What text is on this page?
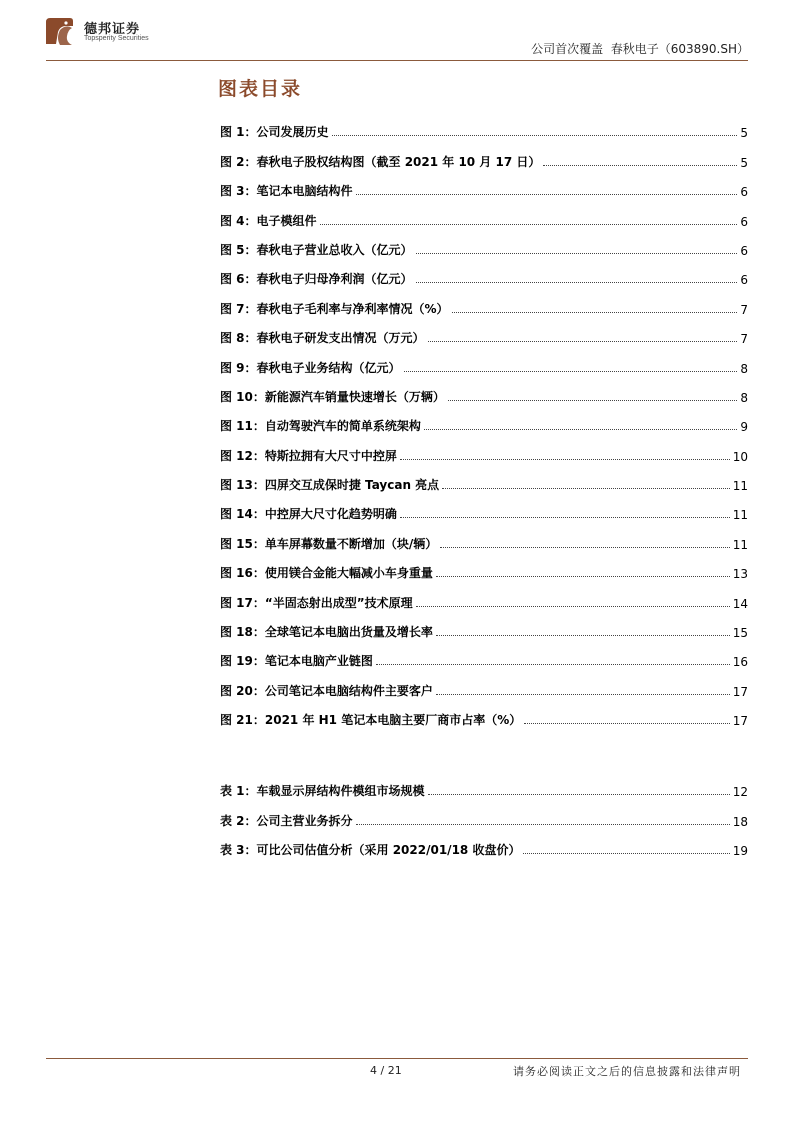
德邦证券
Topsperity Securities
公司首次覆盖  春秋电子（603890.SH）
图表目录
图 1：公司发展历史	5
图 2：春秋电子股权结构图（截至 2021 年 10 月 17 日）	5
图 3：笔记本电脑结构件	6
图 4：电子模组件	6
图 5：春秋电子营业总收入（亿元）	6
图 6：春秋电子归母净利润（亿元）	6
图 7：春秋电子毛利率与净利率情况（%）	7
图 8：春秋电子研发支出情况（万元）	7
图 9：春秋电子业务结构（亿元）	8
图 10：新能源汽车销量快速增长（万辆）	8
图 11：自动驾驶汽车的简单系统架构	9
图 12：特斯拉拥有大尺寸中控屏	10
图 13：四屏交互成保时捷 Taycan 亮点	11
图 14：中控屏大尺寸化趋势明确	11
图 15：单车屏幕数量不断增加（块/辆）	11
图 16：使用镁合金能大幅减小车身重量	13
图 17：“半固态射出成型”技术原理	14
图 18：全球笔记本电脑出货量及增长率	15
图 19：笔记本电脑产业链图	16
图 20：公司笔记本电脑结构件主要客户	17
图 21：2021 年 H1 笔记本电脑主要厂商市占率（%）	17
表 1：车载显示屏结构件模组市场规模	12
表 2：公司主营业务拆分	18
表 3：可比公司估值分析（采用 2022/01/18 收盘价）	19
4 / 21	请务必阅读正文之后的信息披露和法律声明
